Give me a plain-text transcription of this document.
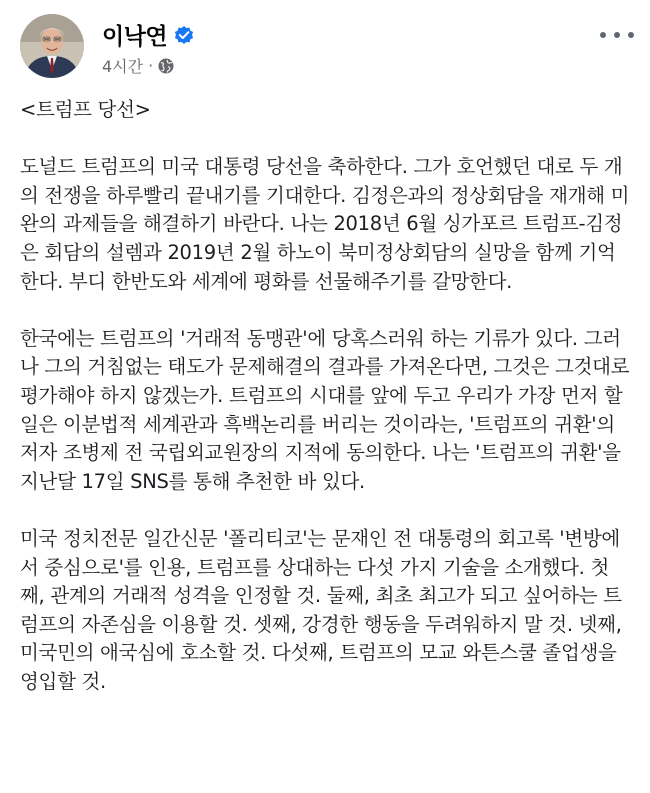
이낙연
4시간 ·

<트럼프 당선>

도널드 트럼프의 미국 대통령 당선을 축하한다. 그가 호언했던 대로 두 개의 전쟁을 하루빨리 끝내기를 기대한다. 김정은과의 정상회담을 재개해 미완의 과제들을 해결하기 바란다. 나는 2018년 6월 싱가포르 트럼프-김정은 회담의 설렘과 2019년 2월 하노이 북미정상회담의 실망을 함께 기억한다. 부디 한반도와 세계에 평화를 선물해주기를 갈망한다.

한국에는 트럼프의 '거래적 동맹관'에 당혹스러워 하는 기류가 있다. 그러나 그의 거침없는 태도가 문제해결의 결과를 가져온다면, 그것은 그것대로 평가해야 하지 않겠는가. 트럼프의 시대를 앞에 두고 우리가 가장 먼저 할 일은 이분법적 세계관과 흑백논리를 버리는 것이라는, '트럼프의 귀환'의 저자 조병제 전 국립외교원장의 지적에 동의한다. 나는 '트럼프의 귀환'을 지난달 17일 SNS를 통해 추천한 바 있다.

미국 정치전문 일간신문 '폴리티코'는 문재인 전 대통령의 회고록 '변방에서 중심으로'를 인용, 트럼프를 상대하는 다섯 가지 기술을 소개했다. 첫째, 관계의 거래적 성격을 인정할 것. 둘째, 최초 최고가 되고 싶어하는 트럼프의 자존심을 이용할 것. 셋째, 강경한 행동을 두려워하지 말 것. 넷째, 미국민의 애국심에 호소할 것. 다섯째, 트럼프의 모교 와튼스쿨 졸업생을 영입할 것.
